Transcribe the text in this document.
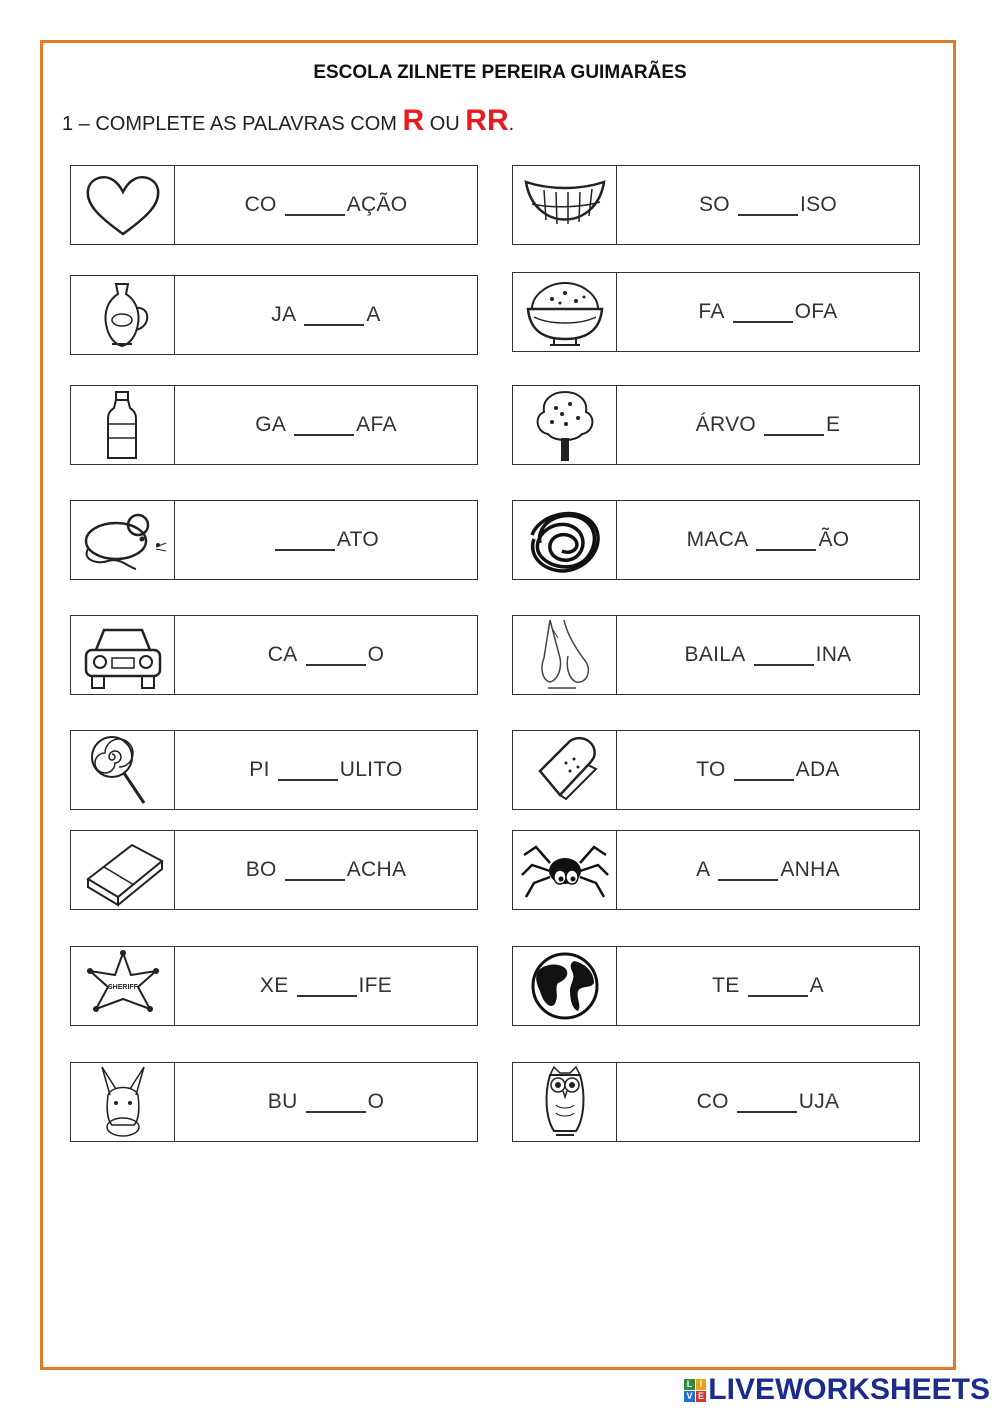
ESCOLA ZILNETE PEREIRA GUIMARÃES
1 – COMPLETE AS PALAVRAS COM R OU RR.
CO	AÇÃO
JA	A
GA	AFA
ATO
CA	O
PI	ULITO
BO	ACHA
SHERIFF	XE	IFE
BU	O
SO	ISO
FA	OFA
ÁRVO	E
MACA	ÃO
BAILA	INA
TO	ADA
A	ANHA
TE	A
CO	UJA
L I
V E LIVEWORKSHEETS
